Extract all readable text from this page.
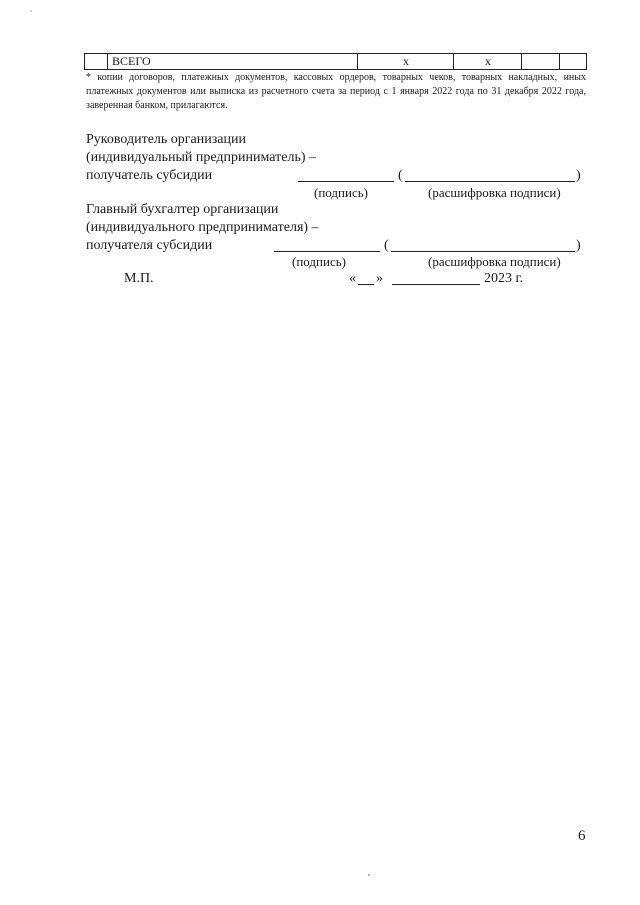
ВСЕГО	x	x
* копии договоров, платежных документов, кассовых ордеров, товарных чеков, товарных накладных, иных платежных документов или выписка из расчетного счета за период с 1 января 2022 года по 31 декабря 2022 года, заверенная банком, прилагаются.
Руководитель организации
(индивидуальный предприниматель) –
получатель субсидии	(	)
(подпись)	(расшифровка подписи)
Главный бухгалтер организации
(индивидуального предпринимателя) –
получателя субсидии	(	)
(подпись)	(расшифровка подписи)
М.П.	« »	2023 г.
6
